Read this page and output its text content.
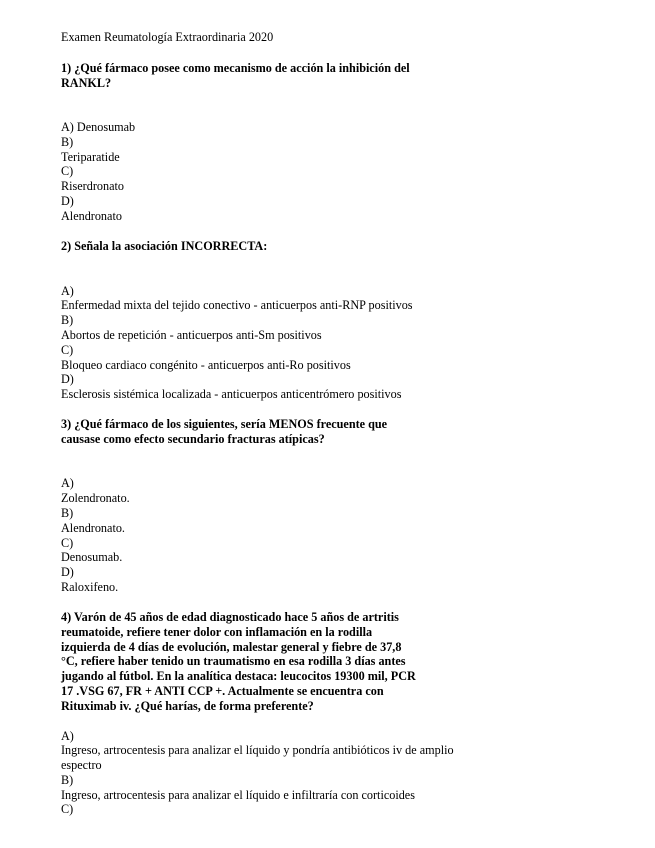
Examen Reumatología Extraordinaria 2020
1) ¿Qué fármaco posee como mecanismo de acción la inhibición del
RANKL?
A) Denosumab
B)
Teriparatide
C)
Riserdronato
D)
Alendronato
2) Señala la asociación INCORRECTA:
A)
Enfermedad mixta del tejido conectivo - anticuerpos anti-RNP positivos
B)
Abortos de repetición - anticuerpos anti-Sm positivos
C)
Bloqueo cardiaco congénito - anticuerpos anti-Ro positivos
D)
Esclerosis sistémica localizada - anticuerpos anticentrómero positivos
3) ¿Qué fármaco de los siguientes, sería MENOS frecuente que
causase como efecto secundario fracturas atípicas?
A)
Zolendronato.
B)
Alendronato.
C)
Denosumab.
D)
Raloxifeno.
4) Varón de 45 años de edad diagnosticado hace 5 años de artritis
reumatoide, refiere tener dolor con inflamación en la rodilla
izquierda de 4 días de evolución, malestar general y fiebre de 37,8
°C, refiere haber tenido un traumatismo en esa rodilla 3 días antes
jugando al fútbol. En la analítica destaca: leucocitos 19300 mil, PCR
17 .VSG 67, FR + ANTI CCP +. Actualmente se encuentra con
Rituximab iv. ¿Qué harías, de forma preferente?
A)
Ingreso, artrocentesis para analizar el líquido y pondría antibióticos iv de amplio
espectro
B)
Ingreso, artrocentesis para analizar el líquido e infiltraría con corticoides
C)
